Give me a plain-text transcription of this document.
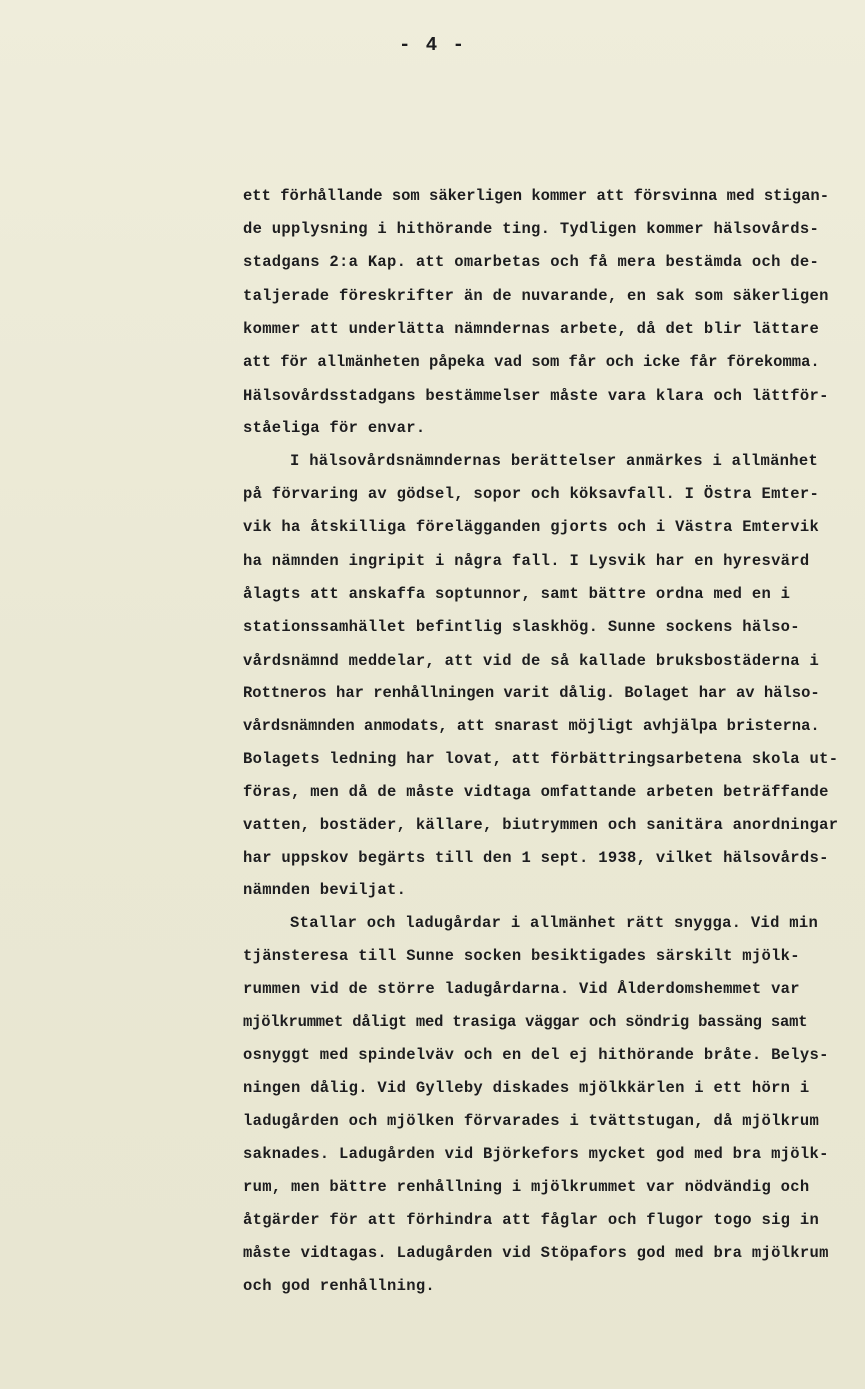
- 4 -
ett förhållande som säkerligen kommer att försvinna med stigan-
de upplysning i hithörande ting. Tydligen kommer hälsovårds-
stadgans 2:a Kap. att omarbetas och få mera bestämda och de-
taljerade föreskrifter än de nuvarande, en sak som säkerligen
kommer att underlätta nämndernas arbete, då det blir lättare
att för allmänheten påpeka vad som får och icke får förekomma.
Hälsovårdsstadgans bestämmelser måste vara klara och lättför-
ståeliga för envar.
I hälsovårdsnämndernas berättelser anmärkes i allmänhet
på förvaring av gödsel, sopor och köksavfall. I Östra Emter-
vik ha åtskilliga förelägganden gjorts och i Västra Emtervik
ha nämnden ingripit i några fall. I Lysvik har en hyresvärd
ålagts att anskaffa soptunnor, samt bättre ordna med en i
stationssamhället befintlig slaskhög. Sunne sockens hälso-
vårdsnämnd meddelar, att vid de så kallade bruksbostäderna i
Rottneros har renhållningen varit dålig. Bolaget har av hälso-
vårdsnämnden anmodats, att snarast möjligt avhjälpa bristerna.
Bolagets ledning har lovat, att förbättringsarbetena skola ut-
föras, men då de måste vidtaga omfattande arbeten beträffande
vatten, bostäder, källare, biutrymmen och sanitära anordningar
har uppskov begärts till den 1 sept. 1938, vilket hälsovårds-
nämnden beviljat.
Stallar och ladugårdar i allmänhet rätt snygga. Vid min
tjänsteresa till Sunne socken besiktigades särskilt mjölk-
rummen vid de större ladugårdarna. Vid Ålderdomshemmet var
mjölkrummet dåligt med trasiga väggar och söndrig bassäng samt
osnyggt med spindelväv och en del ej hithörande bråte. Belys-
ningen dålig. Vid Gylleby diskades mjölkkärlen i ett hörn i
ladugården och mjölken förvarades i tvättstugan, då mjölkrum
saknades. Ladugården vid Björkefors mycket god med bra mjölk-
rum, men bättre renhållning i mjölkrummet var nödvändig och
åtgärder för att förhindra att fåglar och flugor togo sig in
måste vidtagas. Ladugården vid Stöpafors god med bra mjölkrum
och god renhållning.
